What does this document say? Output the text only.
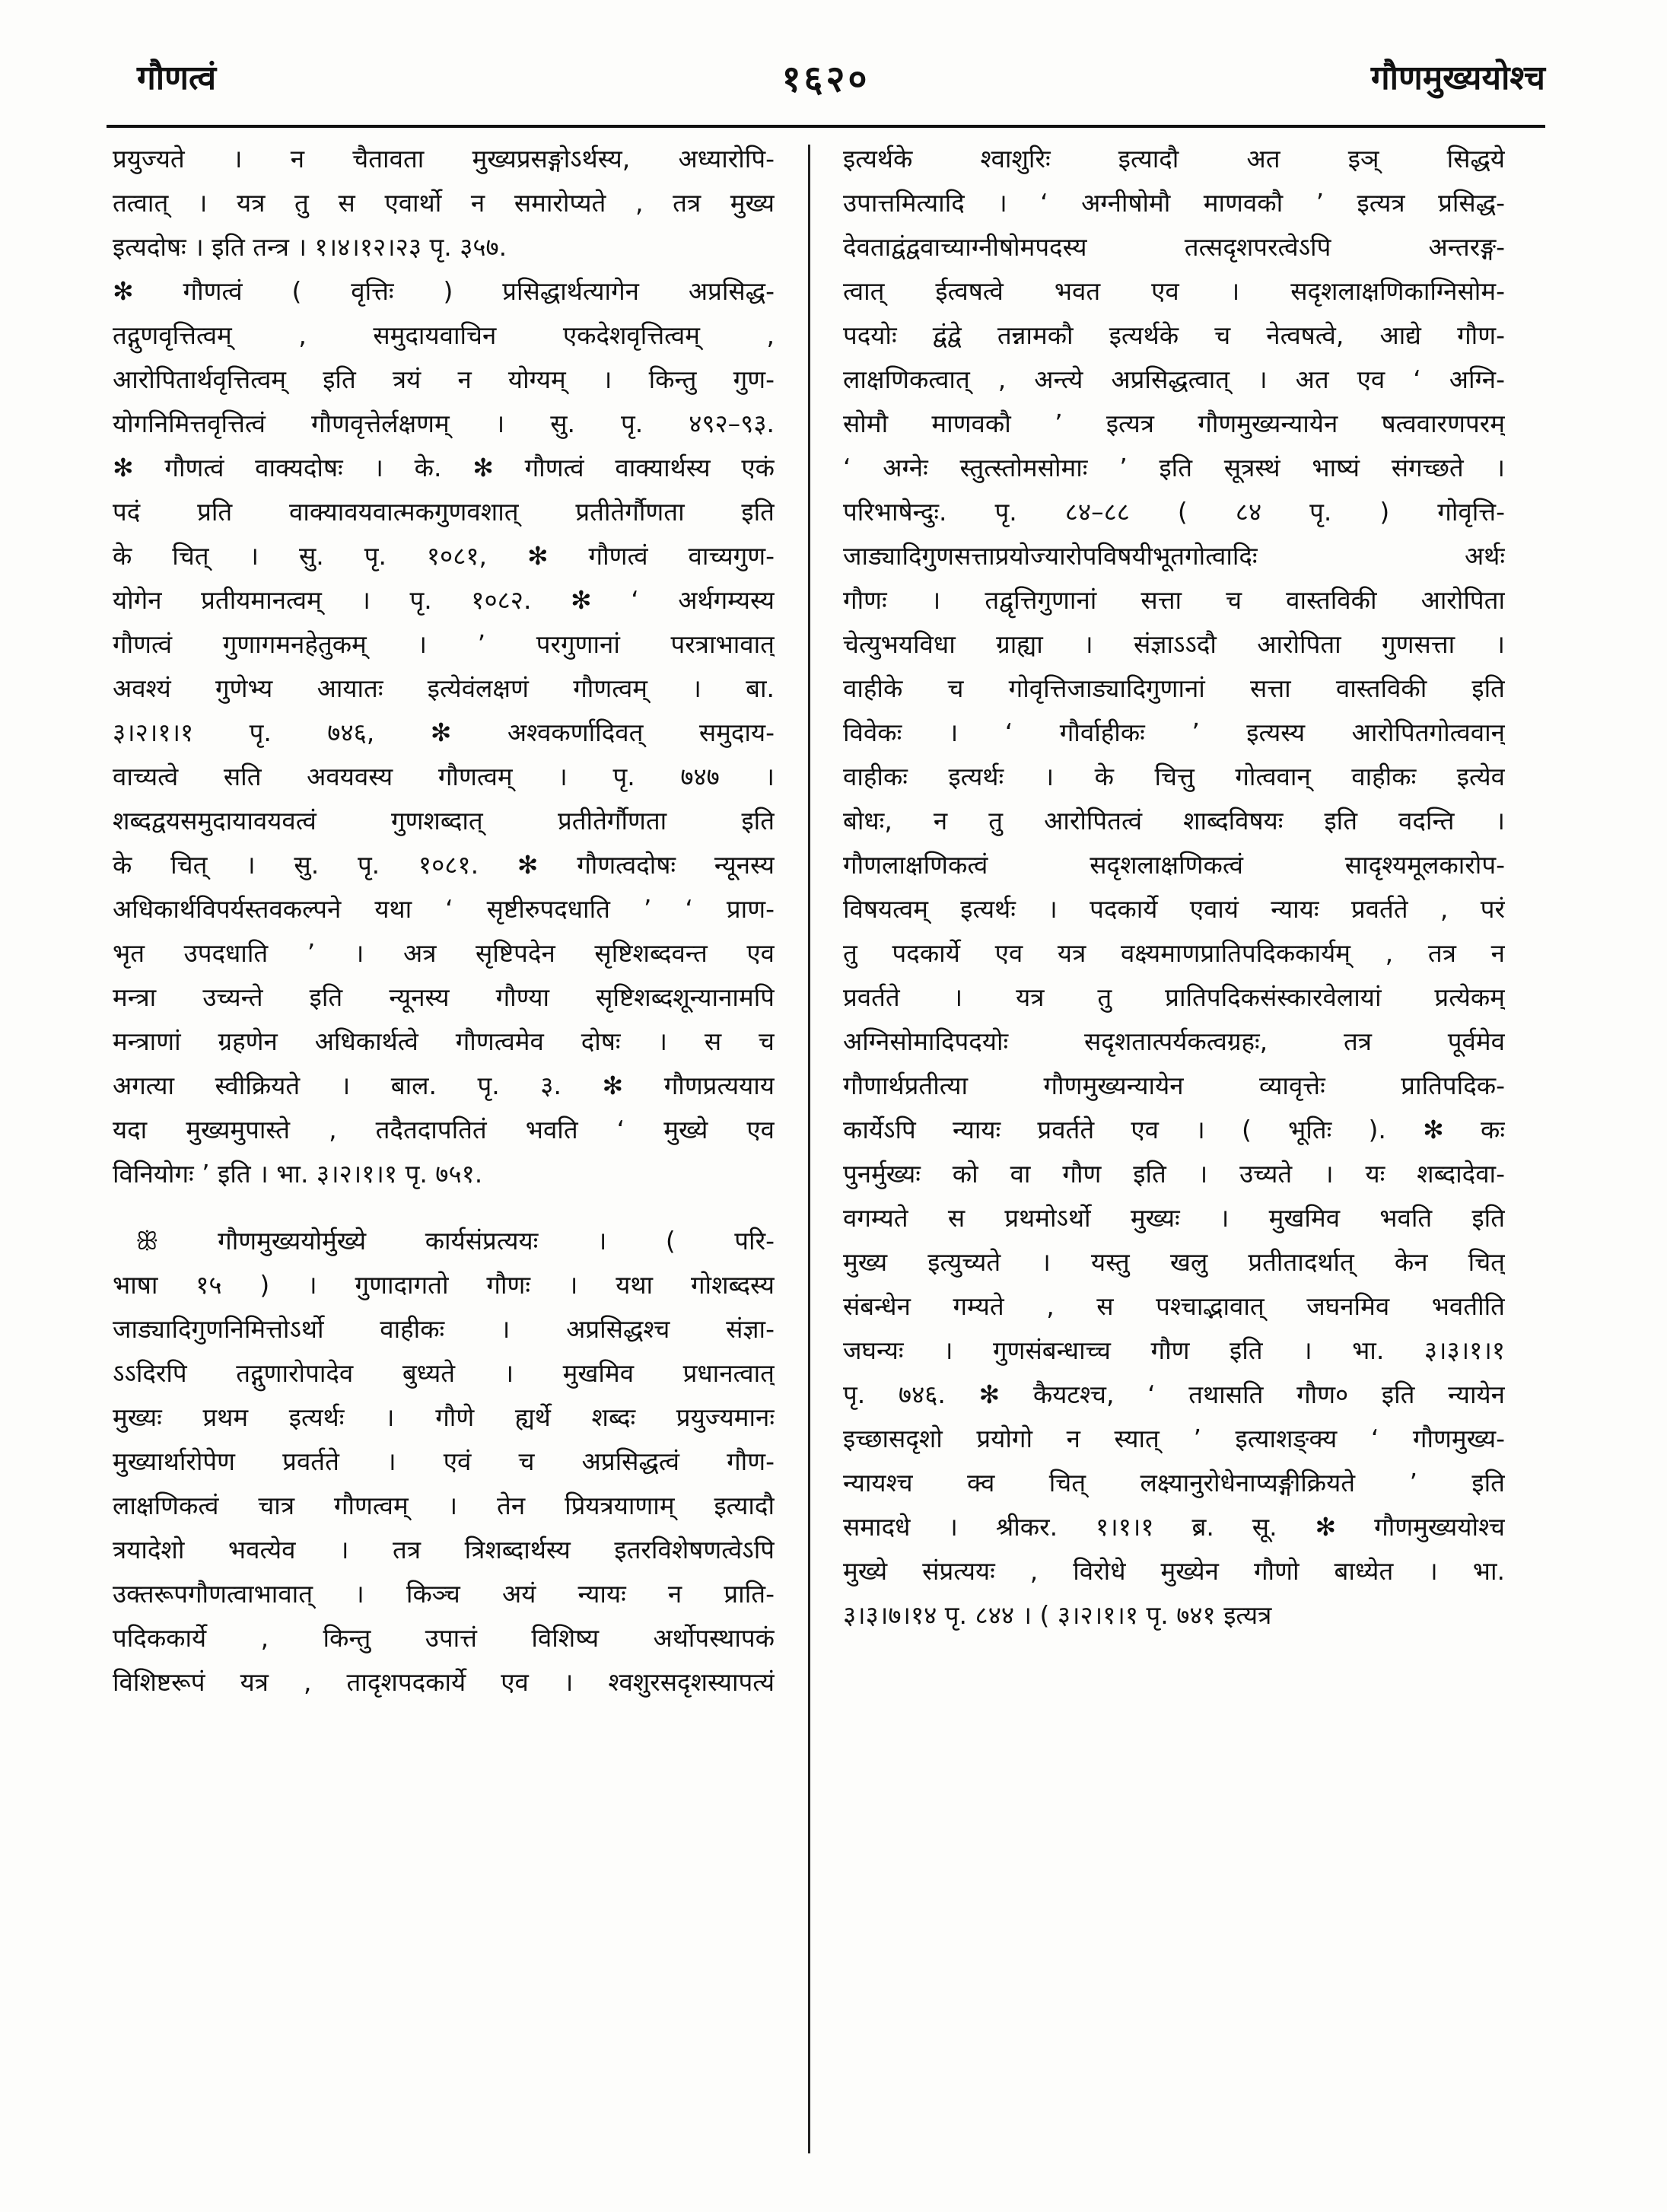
गौणत्वं	१६२०	गौणमुख्ययोश्च
प्रयुज्यते । न चैतावता मुख्यप्रसङ्गोऽर्थस्य, अध्यारोपि-
तत्वात् । यत्र तु स एवार्थो न समारोप्यते , तत्र मुख्य
इत्यदोषः । इति तन्त्र । १।४।१२।२३ पृ. ३५७.
✻ गौणत्वं ( वृत्तिः ) प्रसिद्धार्थत्यागेन अप्रसिद्ध-
तद्गुणवृत्तित्वम् , समुदायवाचिन एकदेशवृत्तित्वम् ,
आरोपितार्थवृत्तित्वम् इति त्रयं न योग्यम् । किन्तु गुण-
योगनिमित्तवृत्तित्वं गौणवृत्तेर्लक्षणम् । सु. पृ. ४९२–९३.
✻ गौणत्वं वाक्यदोषः । के. ✻ गौणत्वं वाक्यार्थस्य एकं
पदं प्रति वाक्यावयवात्मकगुणवशात् प्रतीतेर्गौणता इति
के चित् । सु. पृ. १०८१, ✻ गौणत्वं वाच्यगुण-
योगेन प्रतीयमानत्वम् । पृ. १०८२. ✻ ‘ अर्थगम्यस्य
गौणत्वं गुणागमनहेतुकम् । ’ परगुणानां परत्राभावात्
अवश्यं गुणेभ्य आयातः इत्येवंलक्षणं गौणत्वम् । बा.
३।२।१।१ पृ. ७४६, ✻ अश्वकर्णादिवत् समुदाय-
वाच्यत्वे सति अवयवस्य गौणत्वम् । पृ. ७४७ ।
शब्दद्वयसमुदायावयवत्वं गुणशब्दात् प्रतीतेर्गौणता इति
के चित् । सु. पृ. १०८१. ✻ गौणत्वदोषः न्यूनस्य
अधिकार्थविपर्यस्तवकल्पने यथा ‘ सृष्टीरुपदधाति ’ ‘ प्राण-
भृत उपदधाति ’ । अत्र सृष्टिपदेन सृष्टिशब्दवन्त एव
मन्त्रा उच्यन्ते इति न्यूनस्य गौण्या सृष्टिशब्दशून्यानामपि
मन्त्राणां ग्रहणेन अधिकार्थत्वे गौणत्वमेव दोषः । स च
अगत्या स्वीक्रियते । बाल. पृ. ३. ✻ गौणप्रत्ययाय
यदा मुख्यमुपास्ते , तदैतदापतितं भवति ‘ मुख्ये एव
विनियोगः ’ इति । भा. ३।२।१।१ पृ. ७५१.
ꕥ गौणमुख्ययोर्मुख्ये कार्यसंप्रत्ययः । ( परि-
भाषा १५ ) । गुणादागतो गौणः । यथा गोशब्दस्य
जाड्यादिगुणनिमित्तोऽर्थो वाहीकः । अप्रसिद्धश्च संज्ञा-
ऽऽदिरपि तद्गुणारोपादेव बुध्यते । मुखमिव प्रधानत्वात्
मुख्यः प्रथम इत्यर्थः । गौणे ह्यर्थे शब्दः प्रयुज्यमानः
मुख्यार्थारोपेण प्रवर्तते । एवं च अप्रसिद्धत्वं गौण-
लाक्षणिकत्वं चात्र गौणत्वम् । तेन प्रियत्रयाणाम् इत्यादौ
त्रयादेशो भवत्येव । तत्र त्रिशब्दार्थस्य इतरविशेषणत्वेऽपि
उक्तरूपगौणत्वाभावात् । किञ्च अयं न्यायः न प्राति-
पदिककार्ये , किन्तु उपात्तं विशिष्य अर्थोपस्थापकं
विशिष्टरूपं यत्र , तादृशपदकार्ये एव । श्वशुरसदृशस्यापत्यं
इत्यर्थके श्वाशुरिः इत्यादौ अत इञ् सिद्धये
उपात्तमित्यादि । ‘ अग्नीषोमौ माणवकौ ’ इत्यत्र प्रसिद्ध-
देवताद्वंद्ववाच्याग्नीषोमपदस्य तत्सदृशपरत्वेऽपि अन्तरङ्ग-
त्वात् ईत्वषत्वे भवत एव । सदृशलाक्षणिकाग्निसोम-
पदयोः द्वंद्वे तन्नामकौ इत्यर्थके च नेत्वषत्वे, आद्ये गौण-
लाक्षणिकत्वात् , अन्त्ये अप्रसिद्धत्वात् । अत एव ‘ अग्नि-
सोमौ माणवकौ ’ इत्यत्र गौणमुख्यन्यायेन षत्ववारणपरम्
‘ अग्नेः स्तुत्स्तोमसोमाः ’ इति सूत्रस्थं भाष्यं संगच्छते ।
परिभाषेन्दुः. पृ. ८४–८८ ( ८४ पृ. ) गोवृत्ति-
जाड्यादिगुणसत्ताप्रयोज्यारोपविषयीभूतगोत्वादिः अर्थः
गौणः । तद्वृत्तिगुणानां सत्ता च वास्तविकी आरोपिता
चेत्युभयविधा ग्राह्या । संज्ञाऽऽदौ आरोपिता गुणसत्ता ।
वाहीके च गोवृत्तिजाड्यादिगुणानां सत्ता वास्तविकी इति
विवेकः । ‘ गौर्वाहीकः ’ इत्यस्य आरोपितगोत्ववान्
वाहीकः इत्यर्थः । के चित्तु गोत्ववान् वाहीकः इत्येव
बोधः, न तु आरोपितत्वं शाब्दविषयः इति वदन्ति ।
गौणलाक्षणिकत्वं सदृशलाक्षणिकत्वं सादृश्यमूलकारोप-
विषयत्वम् इत्यर्थः । पदकार्ये एवायं न्यायः प्रवर्तते , परं
तु पदकार्ये एव यत्र वक्ष्यमाणप्रातिपदिककार्यम् , तत्र न
प्रवर्तते । यत्र तु प्रातिपदिकसंस्कारवेलायां प्रत्येकम्
अग्निसोमादिपदयोः सदृशतात्पर्यकत्वग्रहः, तत्र पूर्वमेव
गौणार्थप्रतीत्या गौणमुख्यन्यायेन व्यावृत्तेः प्रातिपदिक-
कार्येऽपि न्यायः प्रवर्तते एव । ( भूतिः ). ✻ कः
पुनर्मुख्यः को वा गौण इति । उच्यते । यः शब्दादेवा-
वगम्यते स प्रथमोऽर्थो मुख्यः । मुखमिव भवति इति
मुख्य इत्युच्यते । यस्तु खलु प्रतीतादर्थात् केन चित्
संबन्धेन गम्यते , स पश्चाद्भावात् जघनमिव भवतीति
जघन्यः । गुणसंबन्धाच्च गौण इति । भा. ३।३।१।१
पृ. ७४६. ✻ कैयटश्च, ‘ तथासति गौण० इति न्यायेन
इच्छासदृशो प्रयोगो न स्यात् ’ इत्याशङ्क्य ‘ गौणमुख्य-
न्यायश्च क्व चित् लक्ष्यानुरोधेनाप्यङ्गीक्रियते ’ इति
समादधे । श्रीकर. १।१।१ ब्र. सू. ✻ गौणमुख्ययोश्च
मुख्ये संप्रत्ययः , विरोधे मुख्येन गौणो बाध्येत । भा.
३।३।७।१४ पृ. ८४४ । ( ३।२।१।१ पृ. ७४१ इत्यत्र
